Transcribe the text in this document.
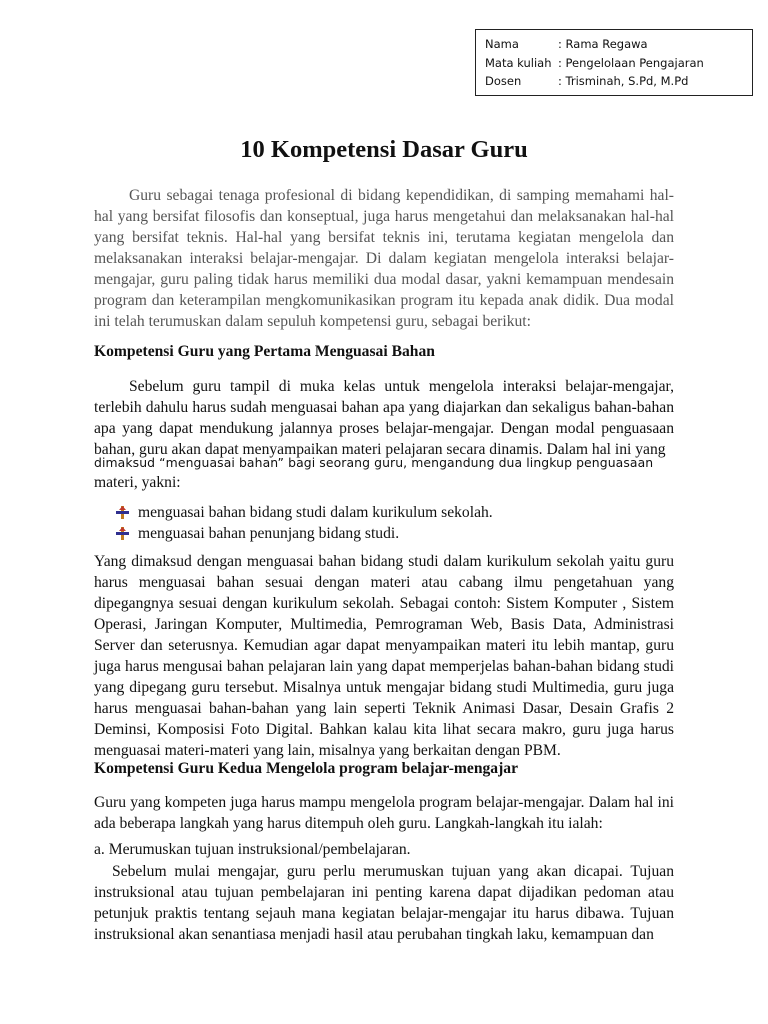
Nama	: Rama Regawa
Mata kuliah : Pengelolaan Pengajaran
Dosen	: Trisminah, S.Pd, M.Pd
10 Kompetensi Dasar Guru

Guru sebagai tenaga profesional di bidang kependidikan, di samping memahami hal-hal yang bersifat filosofis dan konseptual, juga harus mengetahui dan melaksanakan hal-hal yang bersifat teknis. Hal-hal yang bersifat teknis ini, terutama kegiatan mengelola dan melaksanakan interaksi belajar-mengajar. Di dalam kegiatan mengelola interaksi belajar-mengajar, guru paling tidak harus memiliki dua modal dasar, yakni kemampuan mendesain program dan keterampilan mengkomunikasikan program itu kepada anak didik. Dua modal ini telah terumuskan dalam sepuluh kompetensi guru, sebagai berikut:

Kompetensi Guru yang Pertama Menguasai Bahan

Sebelum guru tampil di muka kelas untuk mengelola interaksi belajar-mengajar, terlebih dahulu harus sudah menguasai bahan apa yang diajarkan dan sekaligus bahan-bahan apa yang dapat mendukung jalannya proses belajar-mengajar. Dengan modal penguasaan bahan, guru akan dapat menyampaikan materi pelajaran secara dinamis. Dalam hal ini yang

dimaksud “menguasai bahan” bagi seorang guru, mengandung dua lingkup penguasaan

materi, yakni:

menguasai bahan bidang studi dalam kurikulum sekolah.
menguasai bahan penunjang bidang studi.

Yang dimaksud dengan menguasai bahan bidang studi dalam kurikulum sekolah yaitu guru harus menguasai bahan sesuai dengan materi atau cabang ilmu pengetahuan yang dipegangnya sesuai dengan kurikulum sekolah. Sebagai contoh: Sistem Komputer , Sistem Operasi, Jaringan Komputer, Multimedia, Pemrograman Web, Basis Data, Administrasi Server dan seterusnya. Kemudian agar dapat menyampaikan materi itu lebih mantap, guru juga harus mengusai bahan pelajaran lain yang dapat memperjelas bahan-bahan bidang studi yang dipegang guru tersebut. Misalnya untuk mengajar bidang studi Multimedia, guru juga harus menguasai bahan-bahan yang lain seperti Teknik Animasi Dasar, Desain Grafis 2 Deminsi, Komposisi Foto Digital. Bahkan kalau kita lihat secara makro, guru juga harus menguasai materi-materi yang lain, misalnya yang berkaitan dengan PBM.

Kompetensi Guru Kedua Mengelola program belajar-mengajar

Guru yang kompeten juga harus mampu mengelola program belajar-mengajar. Dalam hal ini ada beberapa langkah yang harus ditempuh oleh guru. Langkah-langkah itu ialah:

a. Merumuskan tujuan instruksional/pembelajaran.

Sebelum mulai mengajar, guru perlu merumuskan tujuan yang akan dicapai. Tujuan instruksional atau tujuan pembelajaran ini penting karena dapat dijadikan pedoman atau petunjuk praktis tentang sejauh mana kegiatan belajar-mengajar itu harus dibawa. Tujuan instruksional akan senantiasa menjadi hasil atau perubahan tingkah laku, kemampuan dan
